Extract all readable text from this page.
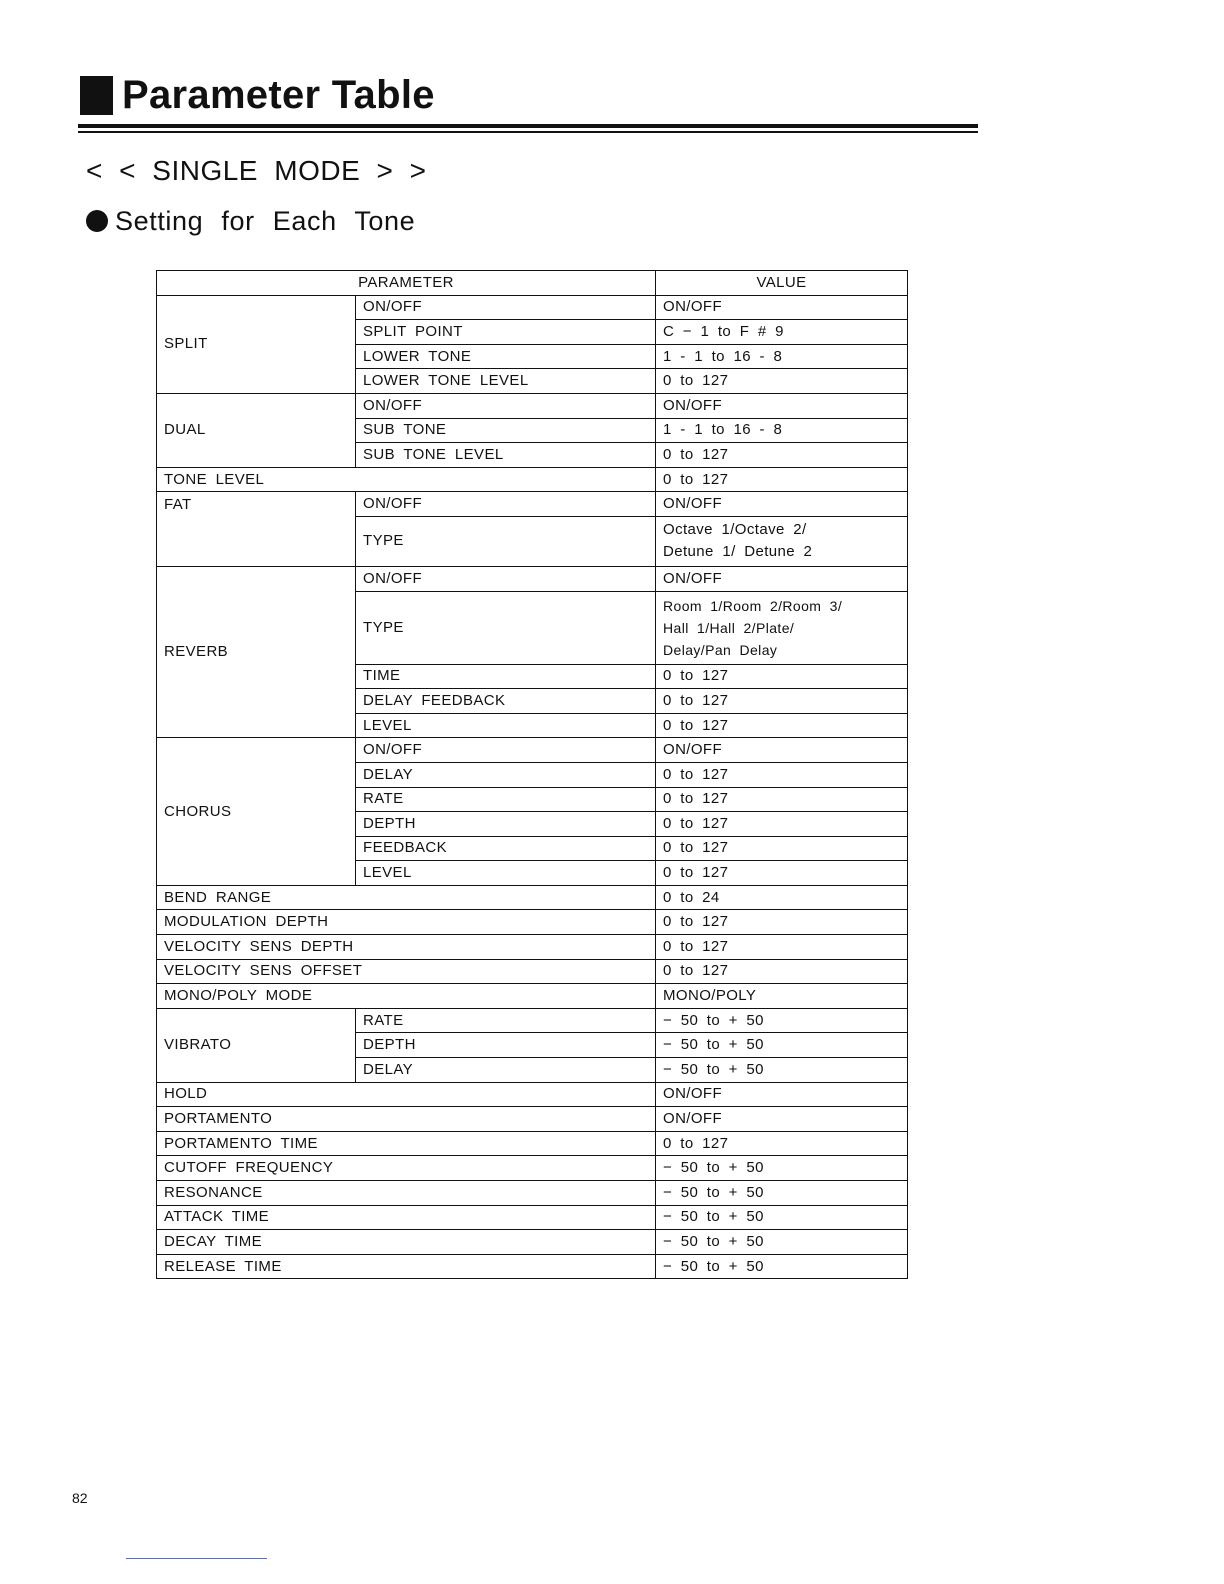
Parameter Table
< < SINGLE MODE > >
Setting for Each Tone
PARAMETER		VALUE
SPLIT	ON/OFF	ON/OFF
	SPLIT POINT	C − 1 to F # 9
	LOWER TONE	1 - 1 to 16 - 8
	LOWER TONE LEVEL	0 to 127
DUAL	ON/OFF	ON/OFF
	SUB TONE	1 - 1 to 16 - 8
	SUB TONE LEVEL	0 to 127
TONE LEVEL		0 to 127
FAT	ON/OFF	ON/OFF
	TYPE	Octave 1/Octave 2/
Detune 1/ Detune 2

REVERB	ON/OFF	ON/OFF
	TYPE	Room 1/Room 2/Room 3/
Hall 1/Hall 2/Plate/
Delay/Pan Delay

	TIME	0 to 127
	DELAY FEEDBACK	0 to 127
	LEVEL	0 to 127
CHORUS	ON/OFF	ON/OFF
	DELAY	0 to 127
	RATE	0 to 127
	DEPTH	0 to 127
	FEEDBACK	0 to 127
	LEVEL	0 to 127
BEND RANGE		0 to 24
MODULATION DEPTH		0 to 127
VELOCITY SENS DEPTH		0 to 127
VELOCITY SENS OFFSET		0 to 127
MONO/POLY MODE		MONO/POLY
VIBRATO	RATE	− 50 to + 50
	DEPTH	− 50 to + 50
	DELAY	− 50 to + 50
HOLD		ON/OFF
PORTAMENTO		ON/OFF
PORTAMENTO TIME		0 to 127
CUTOFF FREQUENCY		− 50 to + 50
RESONANCE		− 50 to + 50
ATTACK TIME		− 50 to + 50
DECAY TIME		− 50 to + 50
RELEASE TIME		− 50 to + 50
82
